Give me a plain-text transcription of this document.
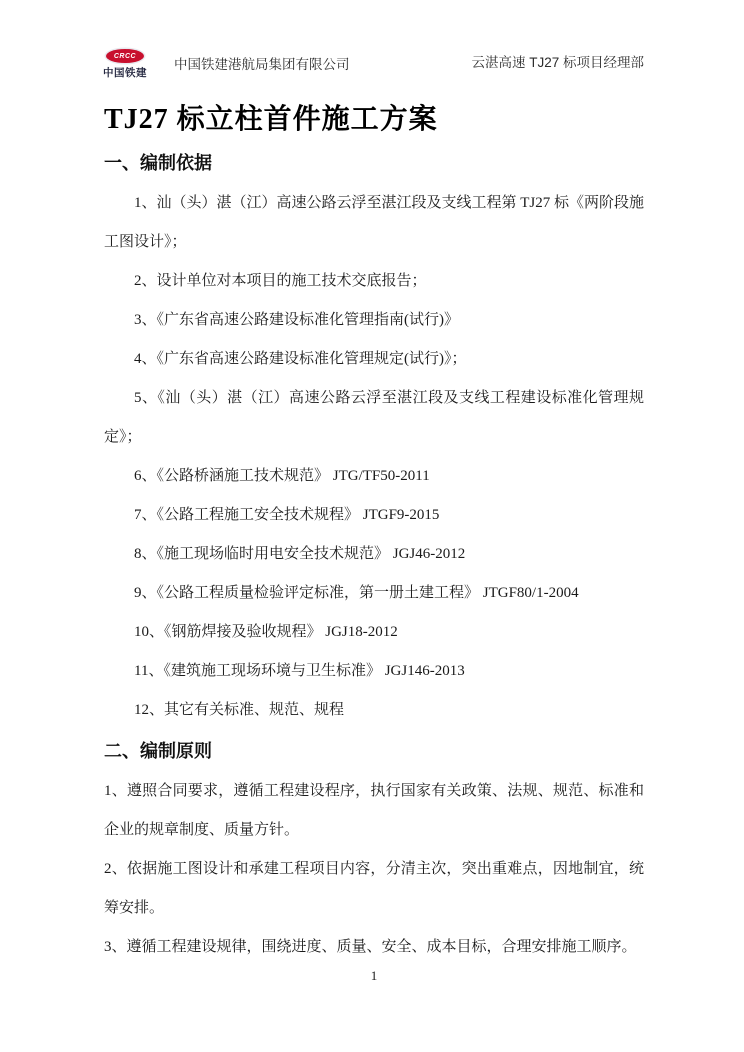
CRCC
中国铁建
中国铁建港航局集团有限公司	云湛高速 TJ27 标项目经理部
TJ27 标立柱首件施工方案
一、编制依据

1、汕（头）湛（江）高速公路云浮至湛江段及支线工程第 TJ27 标《两阶段施工图设计》；

2、设计单位对本项目的施工技术交底报告；

3、《广东省高速公路建设标准化管理指南(试行)》

4、《广东省高速公路建设标准化管理规定(试行)》；

5、《汕（头）湛（江）高速公路云浮至湛江段及支线工程建设标准化管理规定》；

6、《公路桥涵施工技术规范》 JTG/TF50-2011

7、《公路工程施工安全技术规程》 JTGF9-2015

8、《施工现场临时用电安全技术规范》 JGJ46-2012

9、《公路工程质量检验评定标准，第一册土建工程》 JTGF80/1-2004

10、《钢筋焊接及验收规程》 JGJ18-2012

11、《建筑施工现场环境与卫生标准》 JGJ146-2013

12、其它有关标准、规范、规程

二、编制原则

1、遵照合同要求，遵循工程建设程序，执行国家有关政策、法规、规范、标准和企业的规章制度、质量方针。

2、依据施工图设计和承建工程项目内容，分清主次，突出重难点，因地制宜，统筹安排。

3、遵循工程建设规律，围绕进度、质量、安全、成本目标，合理安排施工顺序。

1
